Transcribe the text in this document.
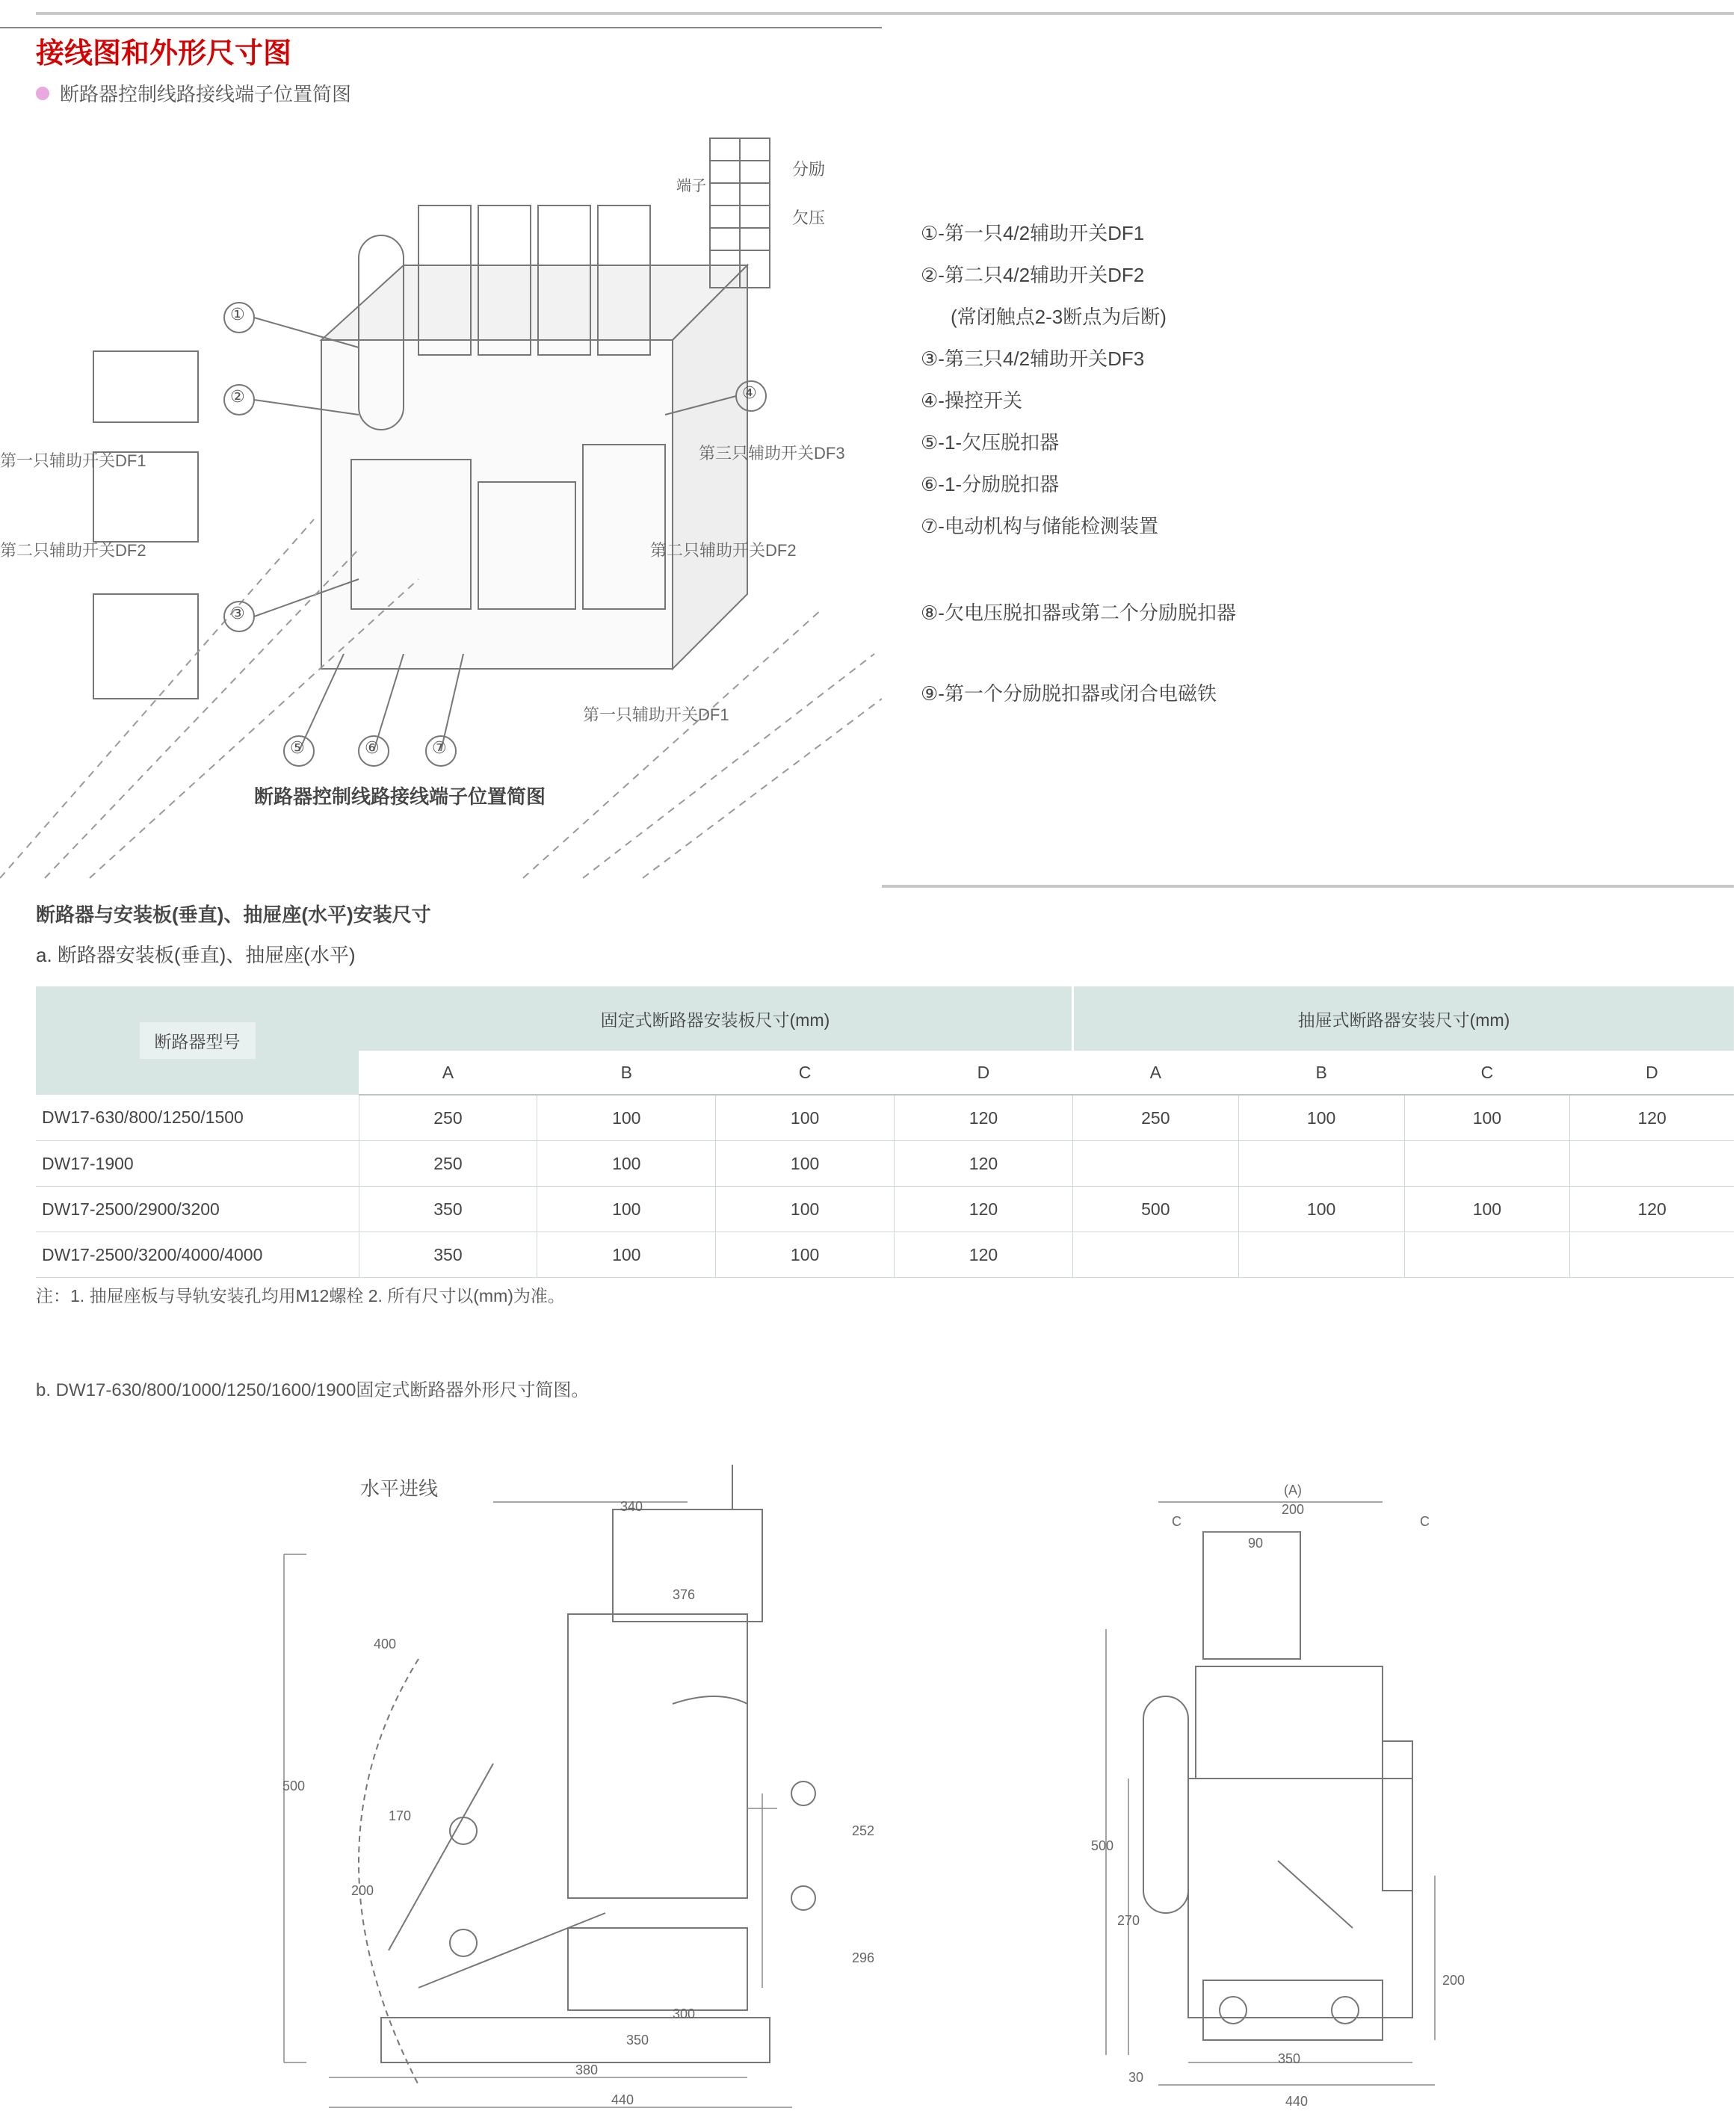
接线图和外形尺寸图
断路器控制线路接线端子位置简图
①
②
③
④
⑤	⑥	⑦
分励
欠压
端子
第一只辅助开关DF1
第二只辅助开关DF2
第三只辅助开关DF3
第二只辅助开关DF2
第一只辅助开关DF1
断路器控制线路接线端子位置简图
①-第一只4/2辅助开关DF1
②-第二只4/2辅助开关DF2
(常闭触点2-3断点为后断)
③-第三只4/2辅助开关DF3
④-操控开关
⑤-1-欠压脱扣器
⑥-1-分励脱扣器
⑦-电动机构与储能检测装置
⑧-欠电压脱扣器或第二个分励脱扣器
⑨-第一个分励脱扣器或闭合电磁铁
断路器与安装板(垂直)、抽屉座(水平)安装尺寸
a. 断路器安装板(垂直)、抽屉座(水平)
断路器型号	固定式断路器安装板尺寸(mm)				抽屉式断路器安装尺寸(mm)			
	A	B	C	D	A	B	C	D
DW17-630/800/1250/1500	250	100	100	120	250	100	100	120
DW17-1900	250	100	100	120				
DW17-2500/2900/3200	350	100	100	120	500	100	100	120
DW17-2500/3200/4000/4000	350	100	100	120				
注：1. 抽屉座板与导轨安装孔均用M12螺栓 2. 所有尺寸以(mm)为准。
b. DW17-630/800/1000/1250/1600/1900固定式断路器外形尺寸简图。
水平进线
340
376
500
400
170
200
252
296
350
380
440
300
(A)
C	C
200
90
500
270
30
200
350
440
